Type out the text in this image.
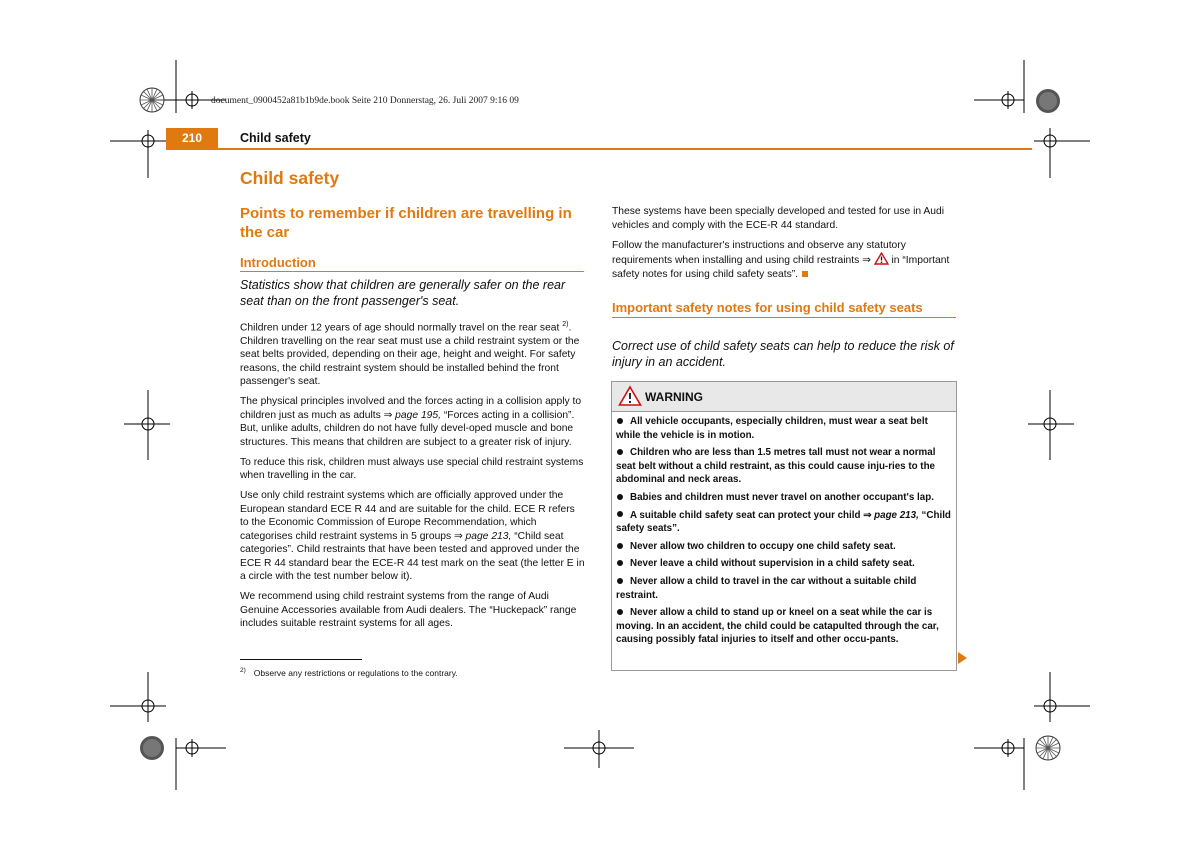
document_0900452a81b1b9de.book Seite 210 Donnerstag, 26. Juli 2007 9:16 09
210	Child safety
Child safety
Points to remember if children are travelling in the car
Introduction
Statistics show that children are generally safer on the rear seat than on the front passenger's seat.

Children under 12 years of age should normally travel on the rear seat $^{2)}$. Children travelling on the rear seat must use a child restraint system or the seat belts provided, depending on their age, height and weight. For safety reasons, the child restraint system should be installed behind the front passenger's seat.

The physical principles involved and the forces acting in a collision apply to children just as much as adults ⇒ page 195, “Forces acting in a collision”. But, unlike adults, children do not have fully devel-oped muscle and bone structures. This means that children are subject to a greater risk of injury.

To reduce this risk, children must always use special child restraint systems when travelling in the car.

Use only child restraint systems which are officially approved under the European standard ECE R 44 and are suitable for the child. ECE R refers to the Economic Commission of Europe Recommendation, which categorises child restraint systems in 5 groups ⇒ page 213, “Child seat categories”. Child restraints that have been tested and approved under the ECE R 44 standard bear the ECE-R 44 test mark on the seat (the letter E in a circle with the test number below it).

We recommend using child restraint systems from the range of Audi Genuine Accessories available from Audi dealers. The “Huckepack” range includes suitable restraint systems for all ages.

$^{2)}$ Observe any restrictions or regulations to the contrary.

These systems have been specially developed and tested for use in Audi vehicles and comply with the ECE-R 44 standard.

Follow the manufacturer's instructions and observe any statutory requirements when installing and using child restraints ⇒ in “Important safety notes for using child safety seats”.

Important safety notes for using child safety seats
Correct use of child safety seats can help to reduce the risk of injury in an accident.
WARNING
All vehicle occupants, especially children, must wear a seat belt while the vehicle is in motion.
Children who are less than 1.5 metres tall must not wear a normal seat belt without a child restraint, as this could cause inju-ries to the abdominal and neck areas.
Babies and children must never travel on another occupant's lap.
A suitable child safety seat can protect your child ⇒ page 213, “Child safety seats”.
Never allow two children to occupy one child safety seat.
Never leave a child without supervision in a child safety seat.
Never allow a child to travel in the car without a suitable child restraint.
Never allow a child to stand up or kneel on a seat while the car is moving. In an accident, the child could be catapulted through the car, causing possibly fatal injuries to itself and other occu-pants.
